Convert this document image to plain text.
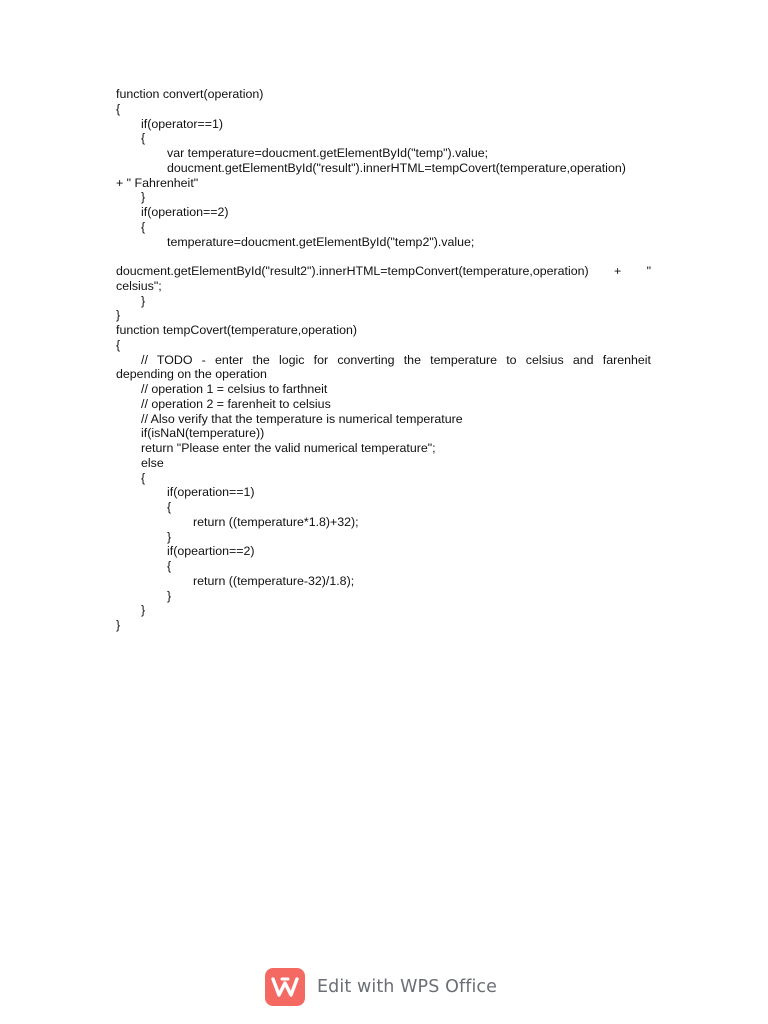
function convert(operation)
{
if(operator==1)
{
var temperature=doucment.getElementById("temp").value;
doucment.getElementById("result").innerHTML=tempCovert(temperature,operation)
+ " Fahrenheit"
}
if(operation==2)
{
temperature=doucment.getElementById("temp2").value;
doucment.getElementById("result2").innerHTML=tempConvert(temperature,operation) + "
celsius";
}
}
function tempCovert(temperature,operation)
{
// TODO - enter the logic for converting the temperature to celsius and farenheit
depending on the operation
// operation 1 = celsius to farthneit
// operation 2 = farenheit to celsius
// Also verify that the temperature is numerical temperature
if(isNaN(temperature))
return "Please enter the valid numerical temperature";
else
{
if(operation==1)
{
return ((temperature*1.8)+32);
}
if(opeartion==2)
{
return ((temperature-32)/1.8);
}
}
}
Edit with WPS Office
